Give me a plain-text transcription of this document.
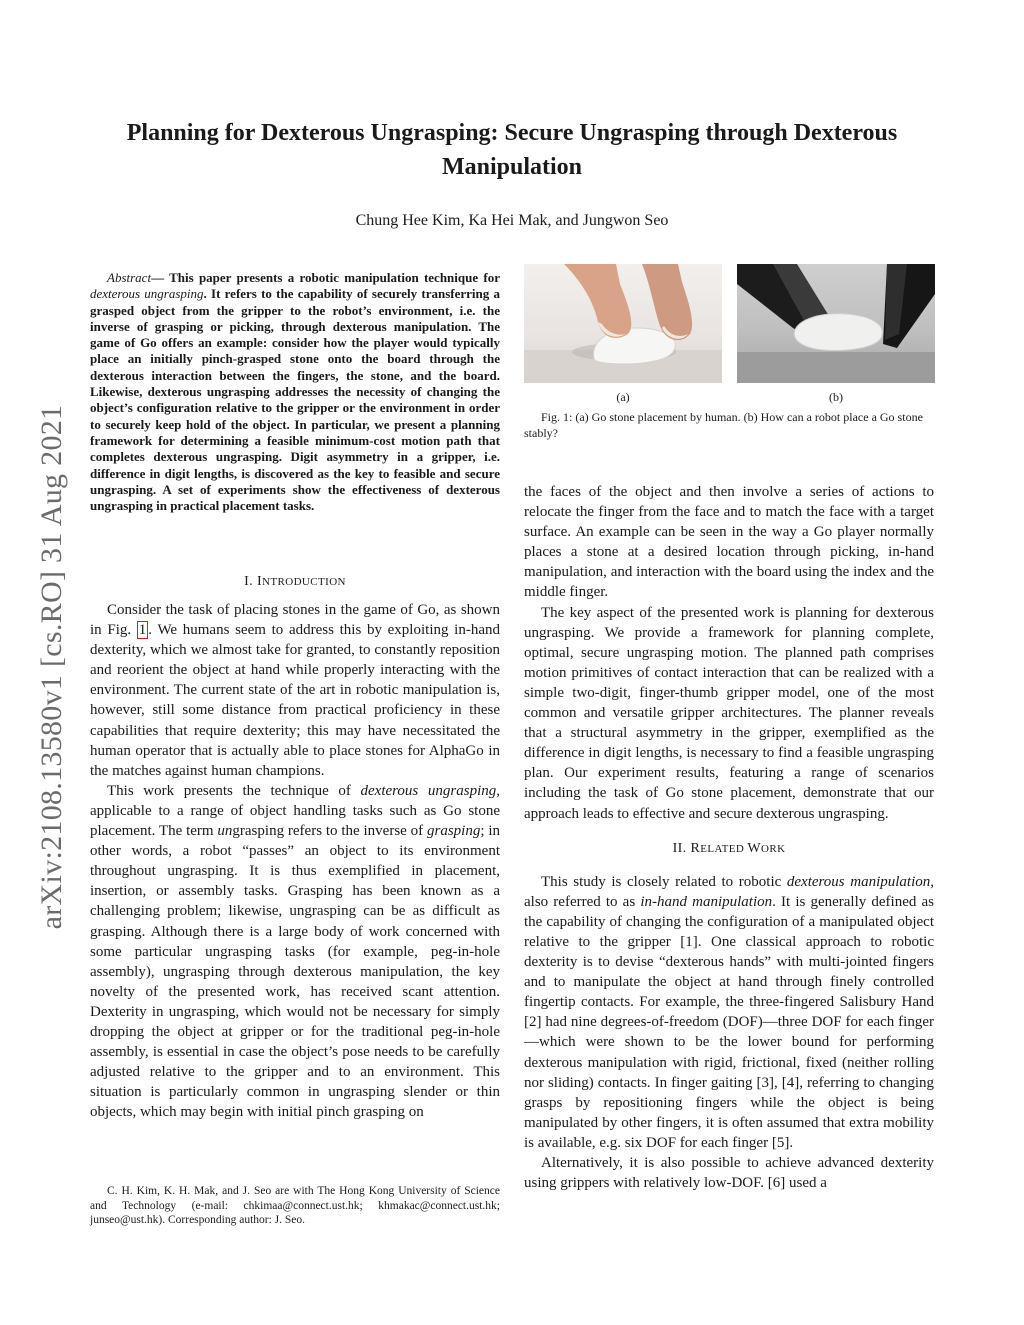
arXiv:2108.13580v1 [cs.RO] 31 Aug 2021
Planning for Dexterous Ungrasping: Secure Ungrasping through Dexterous Manipulation
Chung Hee Kim, Ka Hei Mak, and Jungwon Seo

Abstract— This paper presents a robotic manipulation technique for dexterous ungrasping. It refers to the capability of securely transferring a grasped object from the gripper to the robot’s environment, i.e. the inverse of grasping or picking, through dexterous manipulation. The game of Go offers an example: consider how the player would typically place an initially pinch-grasped stone onto the board through the dexterous interaction between the fingers, the stone, and the board. Likewise, dexterous ungrasping addresses the necessity of changing the object’s configuration relative to the gripper or the environment in order to securely keep hold of the object. In particular, we present a planning framework for determining a feasible minimum-cost motion path that completes dexterous ungrasping. Digit asymmetry in a gripper, i.e. difference in digit lengths, is discovered as the key to feasible and secure ungrasping. A set of experiments show the effectiveness of dexterous ungrasping in practical placement tasks.

I. INTRODUCTION

Consider the task of placing stones in the game of Go, as shown in Fig. 1 . We humans seem to address this by exploiting in-hand dexterity, which we almost take for granted, to constantly reposition and reorient the object at hand while properly interacting with the environment. The current state of the art in robotic manipulation is, however, still some distance from practical proficiency in these capabilities that require dexterity; this may have necessitated the human operator that is actually able to place stones for AlphaGo in the matches against human champions.

This work presents the technique of dexterous ungrasping, applicable to a range of object handling tasks such as Go stone placement. The term ungrasping refers to the inverse of grasping; in other words, a robot “passes” an object to its environment throughout ungrasping. It is thus exemplified in placement, insertion, or assembly tasks. Grasping has been known as a challenging problem; likewise, ungrasping can be as difficult as grasping. Although there is a large body of work concerned with some particular ungrasping tasks (for example, peg-in-hole assembly), ungrasping through dexterous manipulation, the key novelty of the presented work, has received scant attention. Dexterity in ungrasping, which would not be necessary for simply dropping the object at gripper or for the traditional peg-in-hole assembly, is essential in case the object’s pose needs to be carefully adjusted relative to the gripper and to an environment. This situation is particularly common in ungrasping slender or thin objects, which may begin with initial pinch grasping on

C. H. Kim, K. H. Mak, and J. Seo are with The Hong Kong University of Science and Technology (e-mail: chkimaa@connect.ust.hk; khmakac@connect.ust.hk; junseo@ust.hk). Corresponding author: J. Seo.

(a)	(b)

Fig. 1: (a) Go stone placement by human. (b) How can a robot place a Go stone stably?

the faces of the object and then involve a series of actions to relocate the finger from the face and to match the face with a target surface. An example can be seen in the way a Go player normally places a stone at a desired location through picking, in-hand manipulation, and interaction with the board using the index and the middle finger.

The key aspect of the presented work is planning for dexterous ungrasping. We provide a framework for planning complete, optimal, secure ungrasping motion. The planned path comprises motion primitives of contact interaction that can be realized with a simple two-digit, finger-thumb gripper model, one of the most common and versatile gripper architectures. The planner reveals that a structural asymmetry in the gripper, exemplified as the difference in digit lengths, is necessary to find a feasible ungrasping plan. Our experiment results, featuring a range of scenarios including the task of Go stone placement, demonstrate that our approach leads to effective and secure dexterous ungrasping.

II. RELATED WORK

This study is closely related to robotic dexterous manipulation, also referred to as in-hand manipulation. It is generally defined as the capability of changing the configuration of a manipulated object relative to the gripper [1]. One classical approach to robotic dexterity is to devise “dexterous hands” with multi-jointed fingers and to manipulate the object at hand through finely controlled fingertip contacts. For example, the three-fingered Salisbury Hand [2] had nine degrees-of-freedom (DOF)—three DOF for each finger—which were shown to be the lower bound for performing dexterous manipulation with rigid, frictional, fixed (neither rolling nor sliding) contacts. In finger gaiting [3], [4], referring to changing grasps by repositioning fingers while the object is being manipulated by other fingers, it is often assumed that extra mobility is available, e.g. six DOF for each finger [5].

Alternatively, it is also possible to achieve advanced dexterity using grippers with relatively low-DOF. [6] used a
